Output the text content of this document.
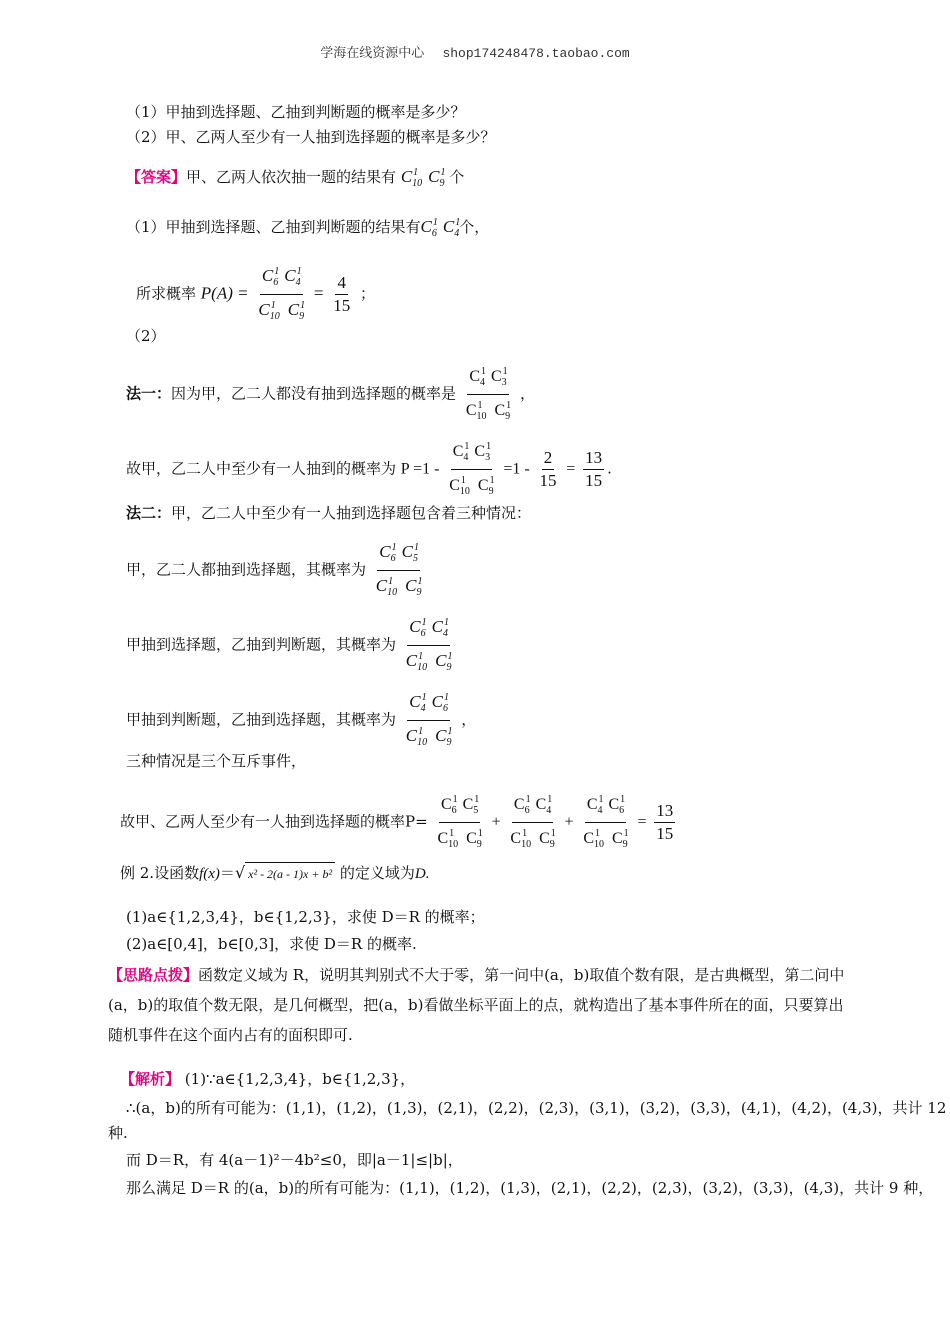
学海在线资源中心 shop174248478.taobao.com
（1）甲抽到选择题、乙抽到判断题的概率是多少？
（2）甲、乙两人至少有一人抽到选择题的概率是多少？
【答案】甲、乙两人依次抽一题的结果有 $C^1_{10}$ $C^1_9$ 个
（1）甲抽到选择题、乙抽到判断题的结果有$C^1_6$ $C^1_4$个，
所求概率 $P(A) = \frac{C^1_6 C^1_4}{C^1_{10} C^1_9} = \frac{4}{15}$ ；
（2）
法一：因为甲，乙二人都没有抽到选择题的概率是 $\frac{C^1_4 C^1_3}{C^1_{10} C^1_9}$ ，
故甲，乙二人中至少有一人抽到的概率为 $P =1 - \frac{C^1_4 C^1_3}{C^1_{10} C^1_9} =1 - \frac{2}{15} = \frac{13}{15}$ .
法二：甲，乙二人中至少有一人抽到选择题包含着三种情况：
甲，乙二人都抽到选择题，其概率为 $\frac{C^1_6 C^1_5}{C^1_{10} C^1_9}$
甲抽到选择题，乙抽到判断题，其概率为 $\frac{C^1_6 C^1_4}{C^1_{10} C^1_9}$
甲抽到判断题，乙抽到选择题，其概率为 $\frac{C^1_4 C^1_6}{C^1_{10} C^1_9}$ ，
三种情况是三个互斥事件，
故甲、乙两人至少有一人抽到选择题的概率$P= \frac{C^1_6 C^1_5}{C^1_{10} C^1_9} + \frac{C^1_6 C^1_4}{C^1_{10} C^1_9} + \frac{C^1_4 C^1_6}{C^1_{10} C^1_9} = \frac{13}{15}$
例 2.设函数f(x)＝√ x² - 2(a - 1)x + b² 的定义域为D.
(1)a∈{1,2,3,4}，b∈{1,2,3}，求使 D＝R 的概率；
(2)a∈[0,4]，b∈[0,3]，求使 D＝R 的概率.
【思路点拨】函数定义域为 R，说明其判别式不大于零，第一问中(a，b)取值个数有限，是古典概型，第二问中(a，b)的取值个数无限，是几何概型，把(a，b)看做坐标平面上的点，就构造出了基本事件所在的面，只要算出随机事件在这个面内占有的面积即可.
【解析】 (1)∵a∈{1,2,3,4}，b∈{1,2,3}，
∴(a，b)的所有可能为：(1,1)，(1,2)，(1,3)，(2,1)，(2,2)，(2,3)，(3,1)，(3,2)，(3,3)，(4,1)，(4,2)，(4,3)，共计 12
种.
而 D＝R，有 4(a－1)²－4b²≤0，即|a－1|≤|b|，
那么满足 D＝R 的(a，b)的所有可能为：(1,1)，(1,2)，(1,3)，(2,1)，(2,2)，(2,3)，(3,2)，(3,3)，(4,3)，共计 9 种，
